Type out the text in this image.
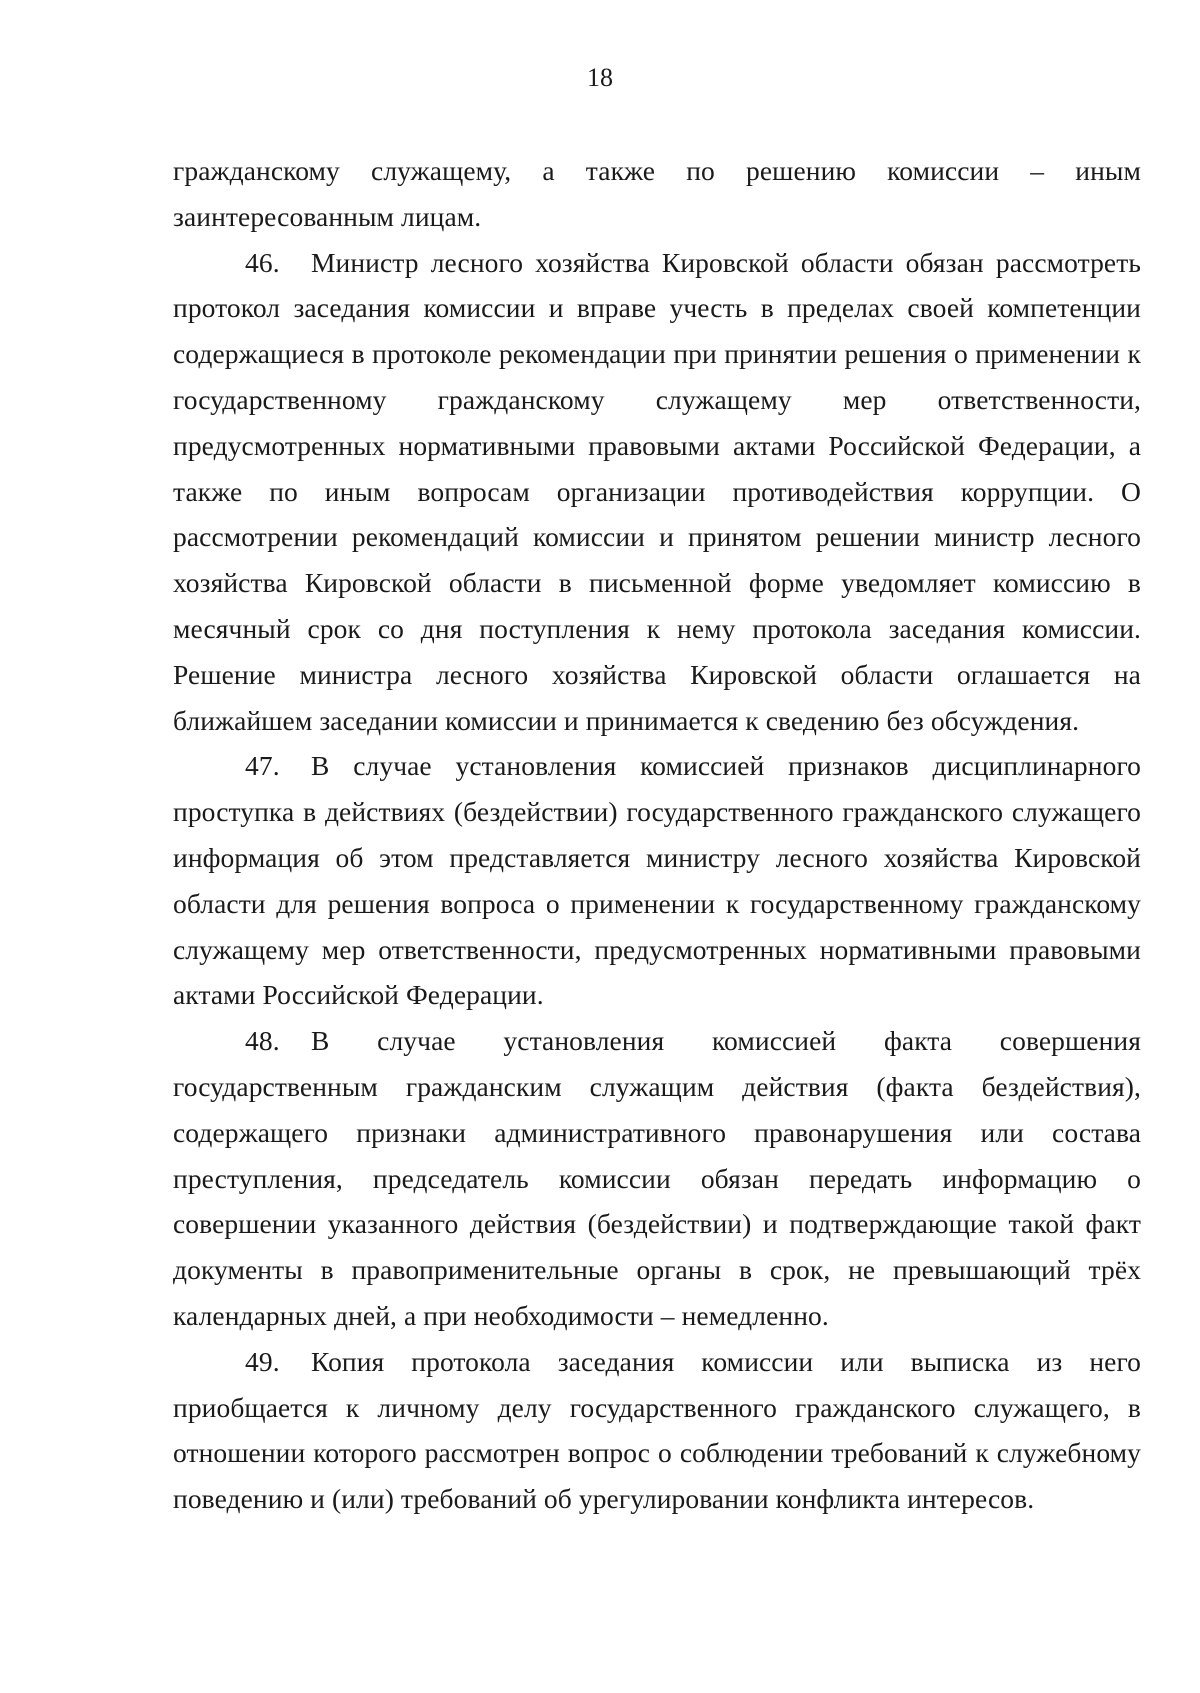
18

гражданскому служащему, а также по решению комиссии – иным заинтересованным лицам.

46. Министр лесного хозяйства Кировской области обязан рассмотреть протокол заседания комиссии и вправе учесть в пределах своей компетенции содержащиеся в протоколе рекомендации при принятии решения о применении к государственному гражданскому служащему мер ответственности, предусмотренных нормативными правовыми актами Российской Федерации, а также по иным вопросам организации противодействия коррупции. О рассмотрении рекомендаций комиссии и принятом решении министр лесного хозяйства Кировской области в письменной форме уведомляет комиссию в месячный срок со дня поступления к нему протокола заседания комиссии. Решение министра лесного хозяйства Кировской области оглашается на ближайшем заседании комиссии и принимается к сведению без обсуждения.

47. В случае установления комиссией признаков дисциплинарного проступка в действиях (бездействии) государственного гражданского служащего информация об этом представляется министру лесного хозяйства Кировской области для решения вопроса о применении к государственному гражданскому служащему мер ответственности, предусмотренных нормативными правовыми актами Российской Федерации.

48. В случае установления комиссией факта совершения государственным гражданским служащим действия (факта бездействия), содержащего признаки административного правонарушения или состава преступления, председатель комиссии обязан передать информацию о совершении указанного действия (бездействии) и подтверждающие такой факт документы в правоприменительные органы в срок, не превышающий трёх календарных дней, а при необходимости – немедленно.

49. Копия протокола заседания комиссии или выписка из него приобщается к личному делу государственного гражданского служащего, в отношении которого рассмотрен вопрос о соблюдении требований к служебному поведению и (или) требований об урегулировании конфликта интересов.
